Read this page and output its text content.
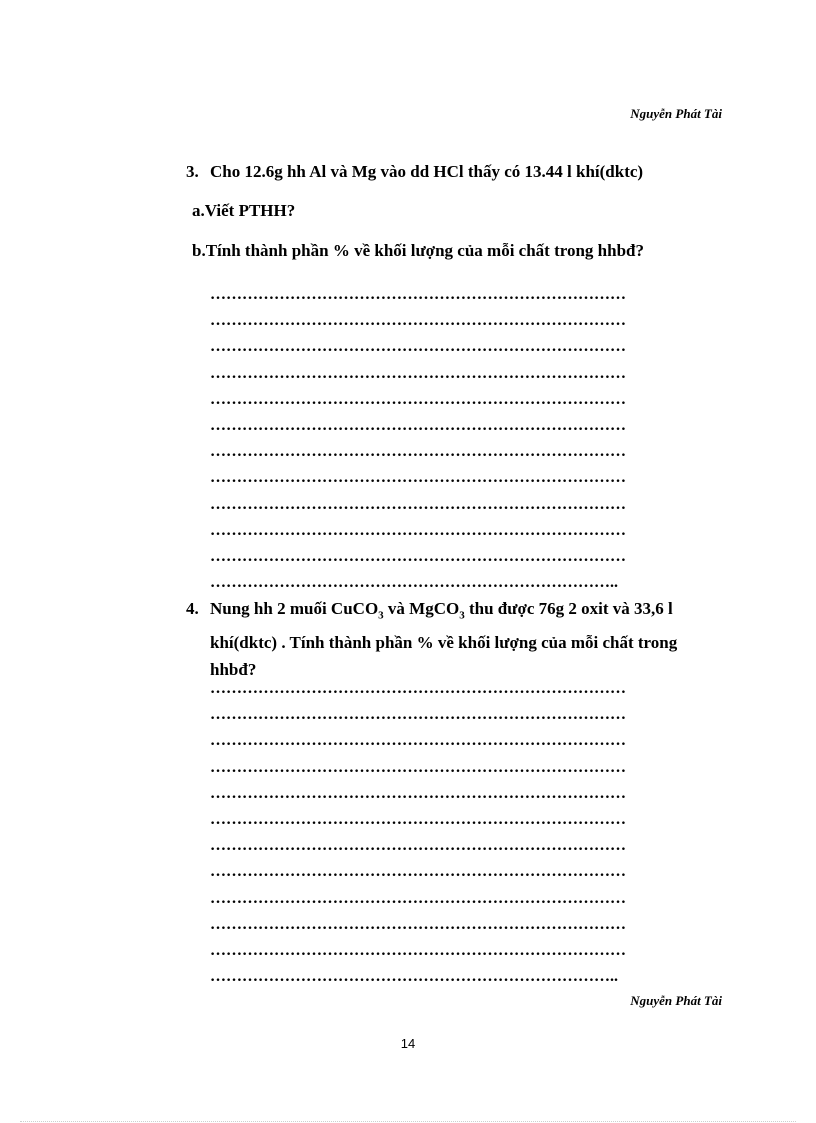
Nguyễn Phát Tài
3. Cho 12.6g hh Al và Mg vào dd HCl thấy có 13.44 l khí(dktc)
a.Viết PTHH?
b.Tính thành phần % về khối lượng của mỗi chất trong hhbđ?
……………………………………………………………………
……………………………………………………………………
……………………………………………………………………
……………………………………………………………………
……………………………………………………………………
……………………………………………………………………
……………………………………………………………………
……………………………………………………………………
……………………………………………………………………
……………………………………………………………………
……………………………………………………………………
…………………………………………………………………..
4. Nung hh 2 muối CuCO$_3$ và MgCO$_3$ thu được 76g 2 oxit và 33,6 l khí(dktc) . Tính thành phần % về khối lượng của mỗi chất trong hhbđ?
……………………………………………………………………
……………………………………………………………………
……………………………………………………………………
……………………………………………………………………
……………………………………………………………………
……………………………………………………………………
……………………………………………………………………
……………………………………………………………………
……………………………………………………………………
……………………………………………………………………
……………………………………………………………………
…………………………………………………………………..
Nguyễn Phát Tài
14
